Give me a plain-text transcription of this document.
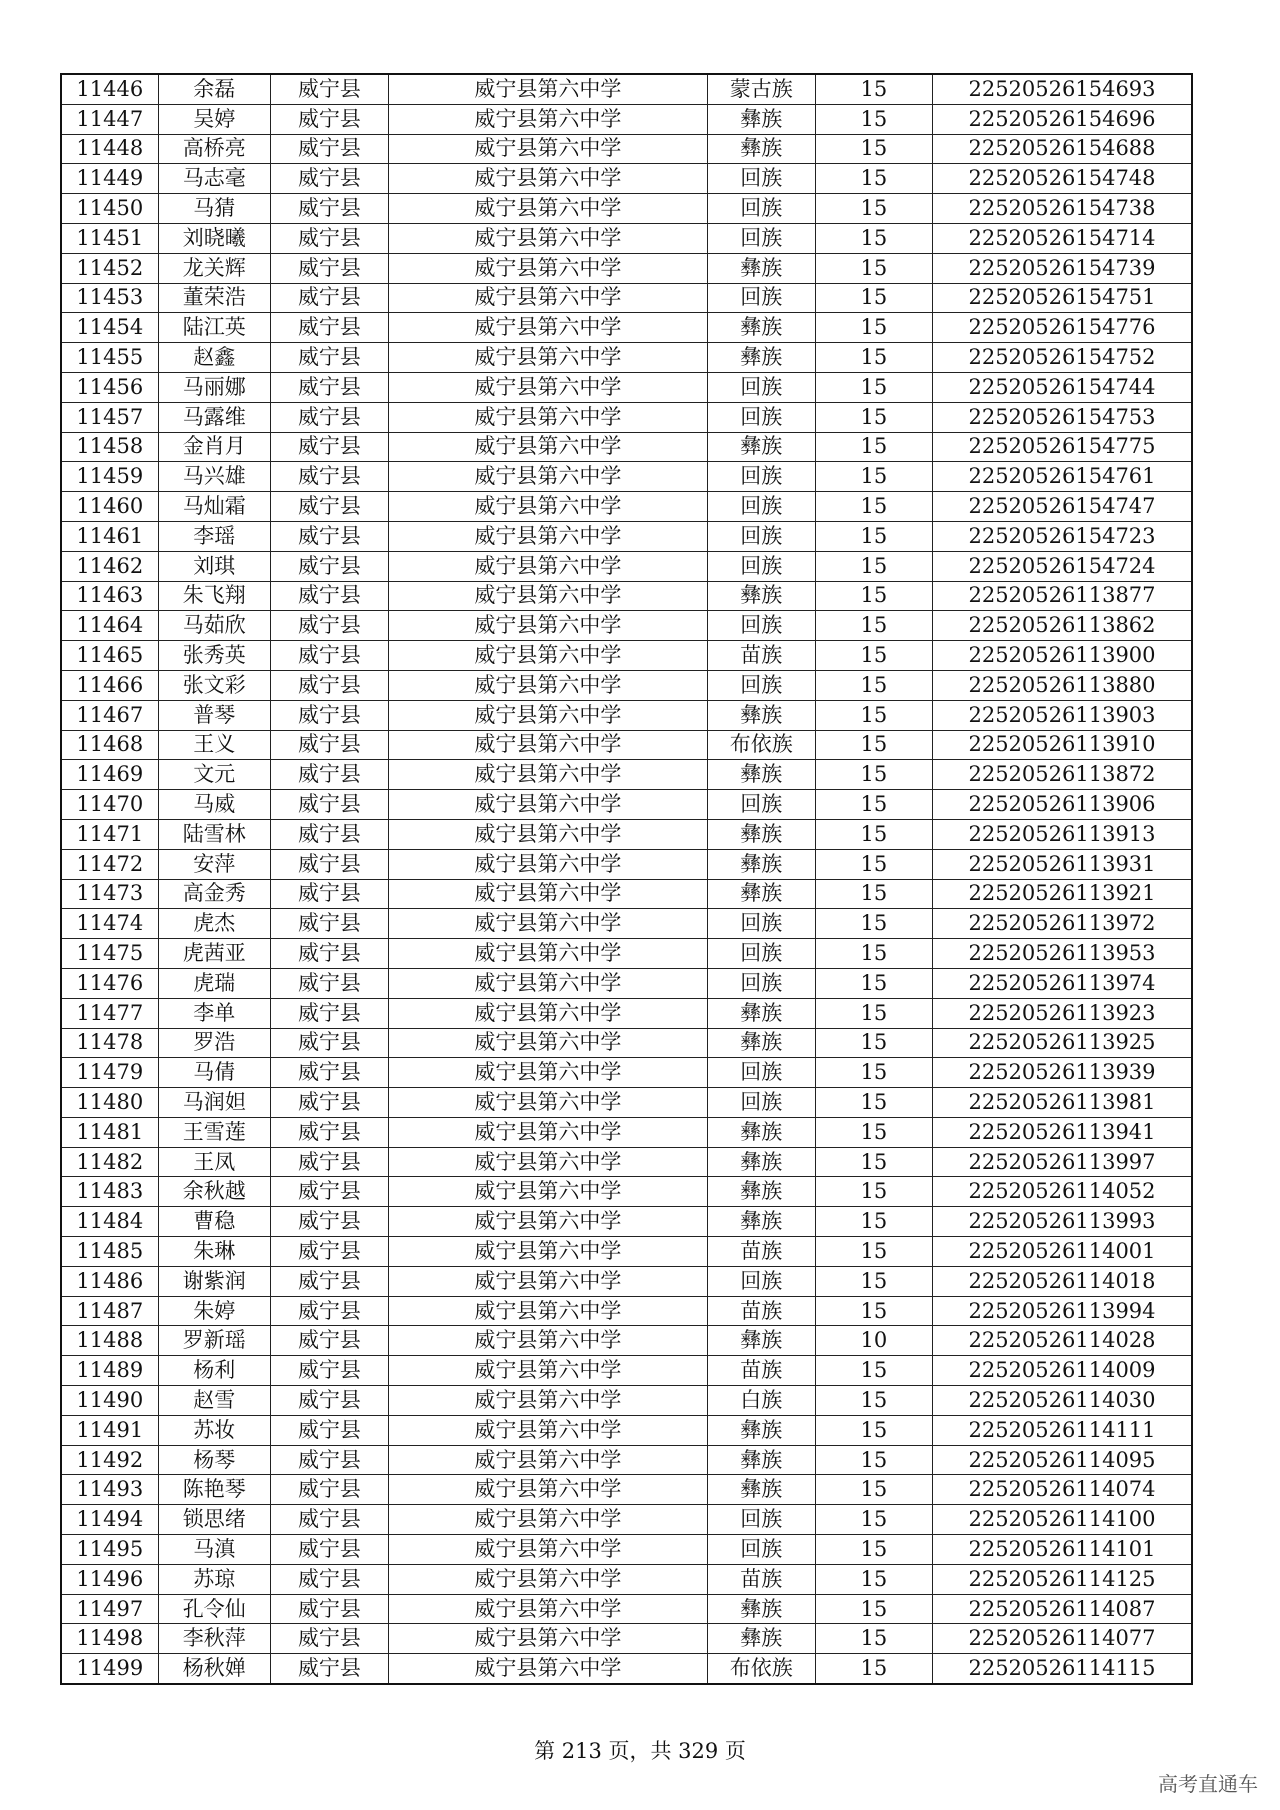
11446	余磊	威宁县	威宁县第六中学	蒙古族	15	22520526154693
11447	吴婷	威宁县	威宁县第六中学	彝族	15	22520526154696
11448	高桥亮	威宁县	威宁县第六中学	彝族	15	22520526154688
11449	马志毫	威宁县	威宁县第六中学	回族	15	22520526154748
11450	马猜	威宁县	威宁县第六中学	回族	15	22520526154738
11451	刘晓曦	威宁县	威宁县第六中学	回族	15	22520526154714
11452	龙关辉	威宁县	威宁县第六中学	彝族	15	22520526154739
11453	董荣浩	威宁县	威宁县第六中学	回族	15	22520526154751
11454	陆江英	威宁县	威宁县第六中学	彝族	15	22520526154776
11455	赵鑫	威宁县	威宁县第六中学	彝族	15	22520526154752
11456	马丽娜	威宁县	威宁县第六中学	回族	15	22520526154744
11457	马露维	威宁县	威宁县第六中学	回族	15	22520526154753
11458	金肖月	威宁县	威宁县第六中学	彝族	15	22520526154775
11459	马兴雄	威宁县	威宁县第六中学	回族	15	22520526154761
11460	马灿霜	威宁县	威宁县第六中学	回族	15	22520526154747
11461	李瑶	威宁县	威宁县第六中学	回族	15	22520526154723
11462	刘琪	威宁县	威宁县第六中学	回族	15	22520526154724
11463	朱飞翔	威宁县	威宁县第六中学	彝族	15	22520526113877
11464	马茹欣	威宁县	威宁县第六中学	回族	15	22520526113862
11465	张秀英	威宁县	威宁县第六中学	苗族	15	22520526113900
11466	张文彩	威宁县	威宁县第六中学	回族	15	22520526113880
11467	普琴	威宁县	威宁县第六中学	彝族	15	22520526113903
11468	王义	威宁县	威宁县第六中学	布依族	15	22520526113910
11469	文元	威宁县	威宁县第六中学	彝族	15	22520526113872
11470	马威	威宁县	威宁县第六中学	回族	15	22520526113906
11471	陆雪林	威宁县	威宁县第六中学	彝族	15	22520526113913
11472	安萍	威宁县	威宁县第六中学	彝族	15	22520526113931
11473	高金秀	威宁县	威宁县第六中学	彝族	15	22520526113921
11474	虎杰	威宁县	威宁县第六中学	回族	15	22520526113972
11475	虎茜亚	威宁县	威宁县第六中学	回族	15	22520526113953
11476	虎瑞	威宁县	威宁县第六中学	回族	15	22520526113974
11477	李单	威宁县	威宁县第六中学	彝族	15	22520526113923
11478	罗浩	威宁县	威宁县第六中学	彝族	15	22520526113925
11479	马倩	威宁县	威宁县第六中学	回族	15	22520526113939
11480	马润妲	威宁县	威宁县第六中学	回族	15	22520526113981
11481	王雪莲	威宁县	威宁县第六中学	彝族	15	22520526113941
11482	王凤	威宁县	威宁县第六中学	彝族	15	22520526113997
11483	余秋越	威宁县	威宁县第六中学	彝族	15	22520526114052
11484	曹稳	威宁县	威宁县第六中学	彝族	15	22520526113993
11485	朱琳	威宁县	威宁县第六中学	苗族	15	22520526114001
11486	谢紫润	威宁县	威宁县第六中学	回族	15	22520526114018
11487	朱婷	威宁县	威宁县第六中学	苗族	15	22520526113994
11488	罗新瑶	威宁县	威宁县第六中学	彝族	10	22520526114028
11489	杨利	威宁县	威宁县第六中学	苗族	15	22520526114009
11490	赵雪	威宁县	威宁县第六中学	白族	15	22520526114030
11491	苏妆	威宁县	威宁县第六中学	彝族	15	22520526114111
11492	杨琴	威宁县	威宁县第六中学	彝族	15	22520526114095
11493	陈艳琴	威宁县	威宁县第六中学	彝族	15	22520526114074
11494	锁思绪	威宁县	威宁县第六中学	回族	15	22520526114100
11495	马滇	威宁县	威宁县第六中学	回族	15	22520526114101
11496	苏琼	威宁县	威宁县第六中学	苗族	15	22520526114125
11497	孔令仙	威宁县	威宁县第六中学	彝族	15	22520526114087
11498	李秋萍	威宁县	威宁县第六中学	彝族	15	22520526114077
11499	杨秋婵	威宁县	威宁县第六中学	布依族	15	22520526114115
第 213 页，共 329 页
高考直通车
